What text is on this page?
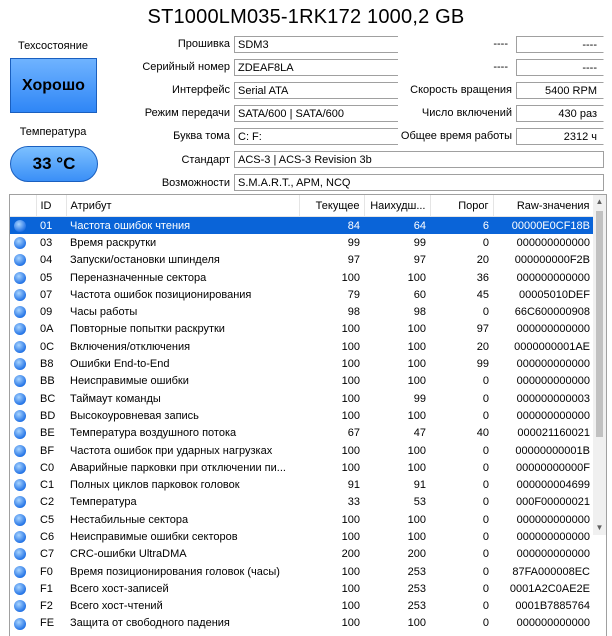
ST1000LM035-1RK172 1000,2 GB
Техсостояние
Хорошо
Температура
33 °C
Прошивка SDM3
Серийный номер ZDEAF8LA
Интерфейс Serial ATA
Режим передачи SATA/600 | SATA/600
Буква тома C: F:
Стандарт ACS-3 | ACS-3 Revision 3b
Возможности S.M.A.R.T., APM, NCQ
----	----
----	----
Скорость вращения	5400 RPM
Число включений	430 раз
Общее время работы	2312 ч
	ID	Атрибут	Текущее	Наихудш...	Порог	Raw-значения
	01	Частота ошибок чтения	84	64	6	00000E0CF18B
	03	Время раскрутки	99	99	0	000000000000
	04	Запуски/остановки шпинделя	97	97	20	000000000F2B
	05	Переназначенные сектора	100	100	36	000000000000
	07	Частота ошибок позиционирования	79	60	45	00005010DEF
	09	Часы работы	98	98	0	66C600000908
	0A	Повторные попытки раскрутки	100	100	97	000000000000
	0C	Включения/отключения	100	100	20	0000000001AE
	B8	Ошибки End-to-End	100	100	99	000000000000
	BB	Неисправимые ошибки	100	100	0	000000000000
	BC	Таймаут команды	100	99	0	000000000003
	BD	Высокоуровневая запись	100	100	0	000000000000
	BE	Температура воздушного потока	67	47	40	000021160021
	BF	Частота ошибок при ударных нагрузках	100	100	0	00000000001B
	C0	Аварийные парковки при отключении пи...	100	100	0	00000000000F
	C1	Полных циклов парковок головок	91	91	0	000000004699
	C2	Температура	33	53	0	000F00000021
	C5	Нестабильные сектора	100	100	0	000000000000
	C6	Неисправимые ошибки секторов	100	100	0	000000000000
	C7	CRC-ошибки UltraDMA	200	200	0	000000000000
	F0	Время позиционирования головок (часы)	100	253	0	87FA000008EC
	F1	Всего хост-записей	100	253	0	0001A2C0AE2E
	F2	Всего хост-чтений	100	253	0	0001B7885764
	FE	Защита от свободного падения	100	100	0	000000000000
▲
▼
